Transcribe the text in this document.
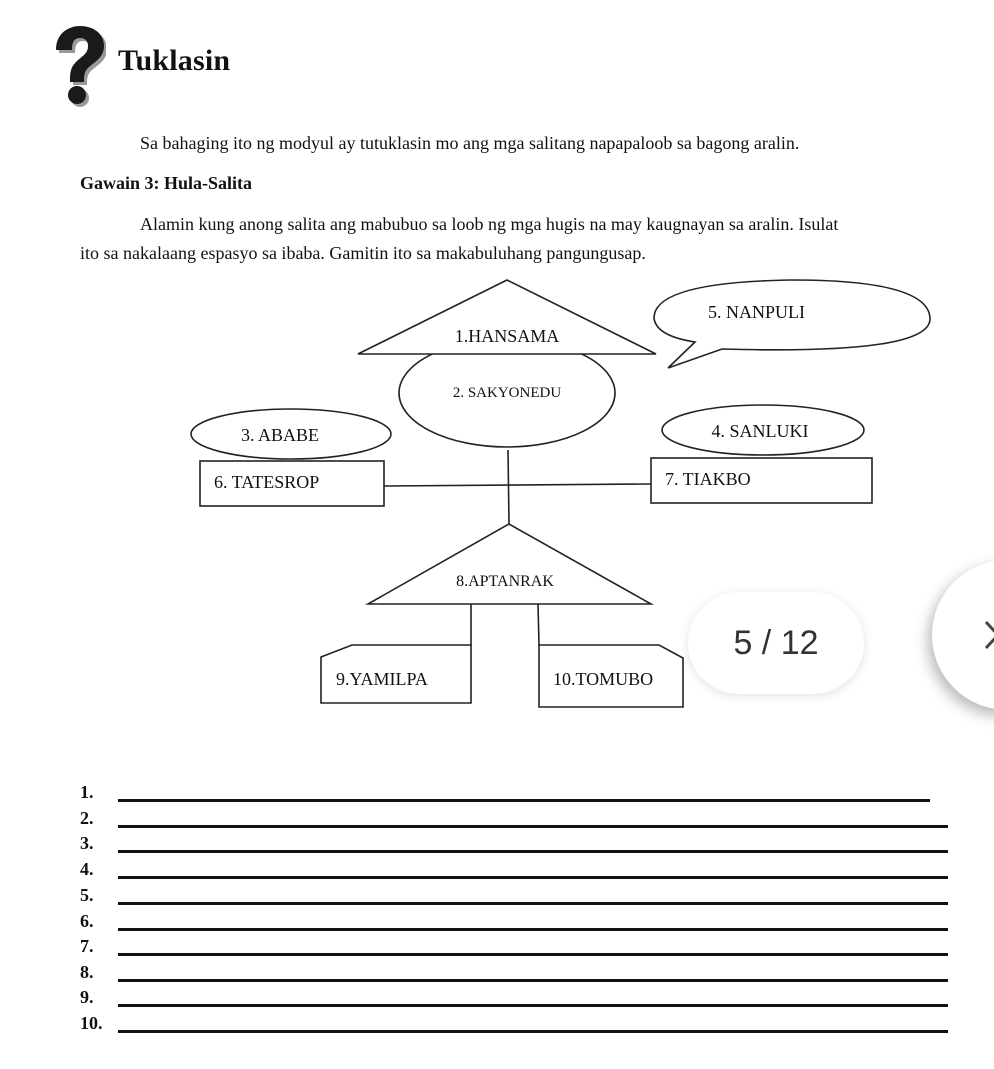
Tuklasin
Sa bahaging ito ng modyul ay tutuklasin mo ang mga salitang napapaloob sa bagong aralin.
Gawain 3: Hula-Salita
Alamin kung anong salita ang mabubuo sa loob ng mga hugis na may kaugnayan sa aralin. Isulat
ito sa nakalaang espasyo sa ibaba. Gamitin ito sa makabuluhang pangungusap.
5. NANPULI
2. SAKYONEDU
1.HANSAMA
3. ABABE	4. SANLUKI
6. TATESROP	7. TIAKBO
8.APTANRAK
9.YAMILPA	10.TOMUBO
1.
2.
3.
4.
5.
6.
7.
8.
9.
10.
5 / 12
